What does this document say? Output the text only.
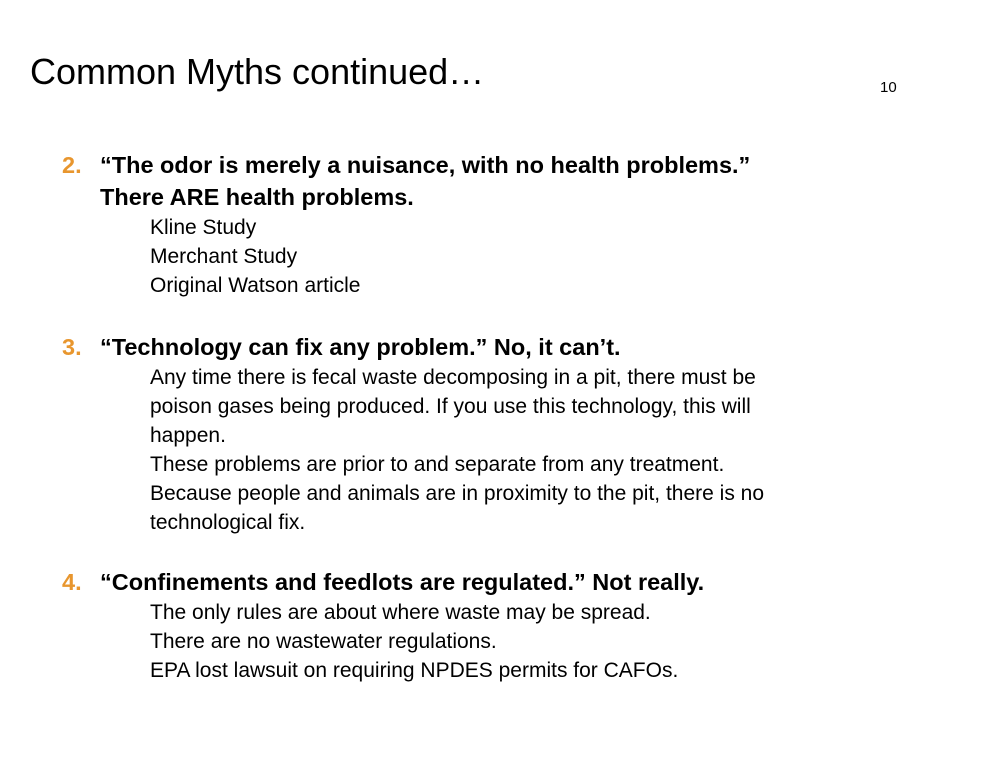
Common Myths continued…	10
2. “The odor is merely a nuisance, with no health problems.”

There ARE health problems.
Kline Study
Merchant Study
Original Watson article
3. “Technology can fix any problem.” No, it can’t.

Any time there is fecal waste decomposing in a pit, there must be
poison gases being produced. If you use this technology, this will
happen.
These problems are prior to and separate from any treatment.
Because people and animals are in proximity to the pit, there is no
technological fix.
4. “Confinements and feedlots are regulated.” Not really.

The only rules are about where waste may be spread.
There are no wastewater regulations.
EPA lost lawsuit on requiring NPDES permits for CAFOs.
